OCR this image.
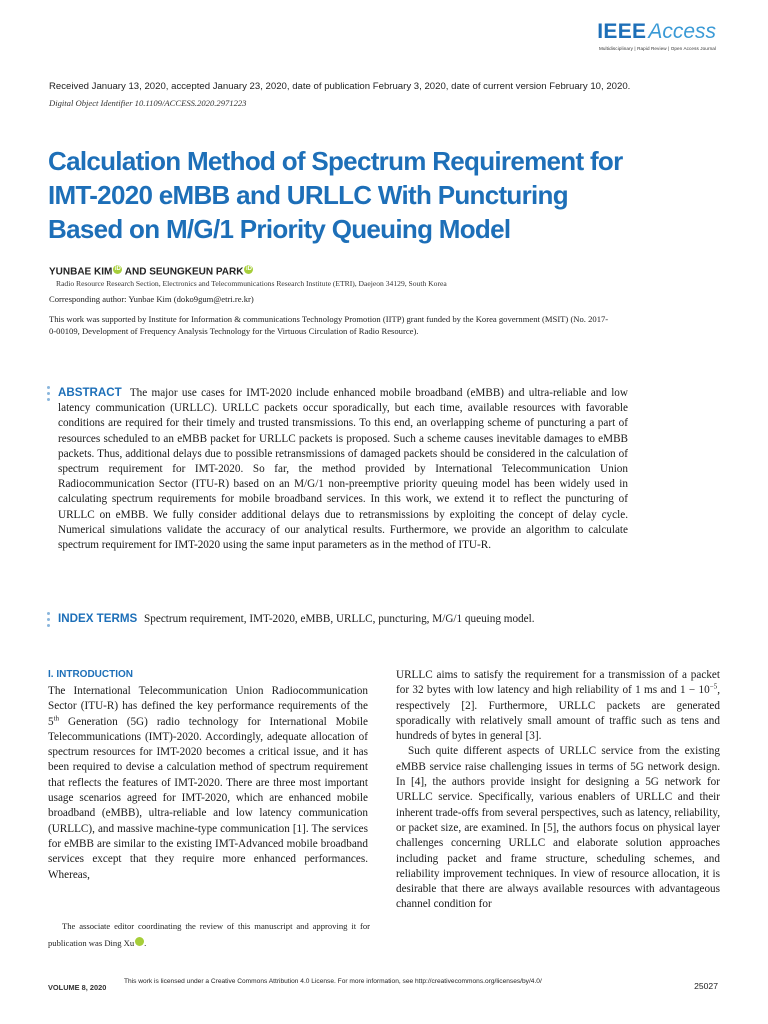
IEEEAccess
Multidisciplinary | Rapid Review | Open Access Journal
Received January 13, 2020, accepted January 23, 2020, date of publication February 3, 2020, date of current version February 10, 2020.
Digital Object Identifier 10.1109/ACCESS.2020.2971223
Calculation Method of Spectrum Requirement for
IMT-2020 eMBB and URLLC With Puncturing
Based on M/G/1 Priority Queuing Model
YUNBAE KIM iD AND SEUNGKEUN PARK iD
Radio Resource Research Section, Electronics and Telecommunications Research Institute (ETRI), Daejeon 34129, South Korea
Corresponding author: Yunbae Kim (doko9gum@etri.re.kr)
This work was supported by Institute for Information & communications Technology Promotion (IITP) grant funded by the Korea government (MSIT) (No. 2017-0-00109, Development of Frequency Analysis Technology for the Virtuous Circulation of Radio Resource).
ABSTRACT The major use cases for IMT-2020 include enhanced mobile broadband (eMBB) and ultra-reliable and low latency communication (URLLC). URLLC packets occur sporadically, but each time, available resources with favorable conditions are required for their timely and trusted transmissions. To this end, an overlapping scheme of puncturing a part of resources scheduled to an eMBB packet for URLLC packets is proposed. Such a scheme causes inevitable damages to eMBB packets. Thus, additional delays due to possible retransmissions of damaged packets should be considered in the calculation of spectrum requirement for IMT-2020. So far, the method provided by International Telecommunication Union Radiocommunication Sector (ITU-R) based on an M/G/1 non-preemptive priority queuing model has been widely used in calculating spectrum requirements for mobile broadband services. In this work, we extend it to reflect the puncturing of URLLC on eMBB. We fully consider additional delays due to retransmissions by exploiting the concept of delay cycle. Numerical simulations validate the accuracy of our analytical results. Furthermore, we provide an algorithm to calculate spectrum requirement for IMT-2020 using the same input parameters as in the method of ITU-R.
INDEX TERMS Spectrum requirement, IMT-2020, eMBB, URLLC, puncturing, M/G/1 queuing model.
I. INTRODUCTION
The International Telecommunication Union Radiocommunication Sector (ITU-R) has defined the key performance requirements of the 5th Generation (5G) radio technology for International Mobile Telecommunications (IMT)-2020. Accordingly, adequate allocation of spectrum resources for IMT-2020 becomes a critical issue, and it has been required to devise a calculation method of spectrum requirement that reflects the features of IMT-2020. There are three most important usage scenarios agreed for IMT-2020, which are enhanced mobile broadband (eMBB), ultra-reliable and low latency communication (URLLC), and massive machine-type communication [1]. The services for eMBB are similar to the existing IMT-Advanced mobile broadband services except that they require more enhanced performances. Whereas,
URLLC aims to satisfy the requirement for a transmission of a packet for 32 bytes with low latency and high reliability of 1 ms and $1 - 10^{-5}$, respectively [2]. Furthermore, URLLC packets are generated sporadically with relatively small amount of traffic such as tens and hundreds of bytes in general [3].
Such quite different aspects of URLLC service from the existing eMBB service raise challenging issues in terms of 5G network design. In [4], the authors provide insight for designing a 5G network for URLLC service. Specifically, various enablers of URLLC and their inherent trade-offs from several perspectives, such as latency, reliability, or packet size, are examined. In [5], the authors focus on physical layer challenges concerning URLLC and elaborate solution approaches including packet and frame structure, scheduling schemes, and reliability improvement techniques. In view of resource allocation, it is desirable that there are always available resources with advantageous channel condition for
The associate editor coordinating the review of this manuscript and approving it for publication was Ding Xu	iD.
VOLUME 8, 2020
This work is licensed under a Creative Commons Attribution 4.0 License. For more information, see http://creativecommons.org/licenses/by/4.0/	25027
